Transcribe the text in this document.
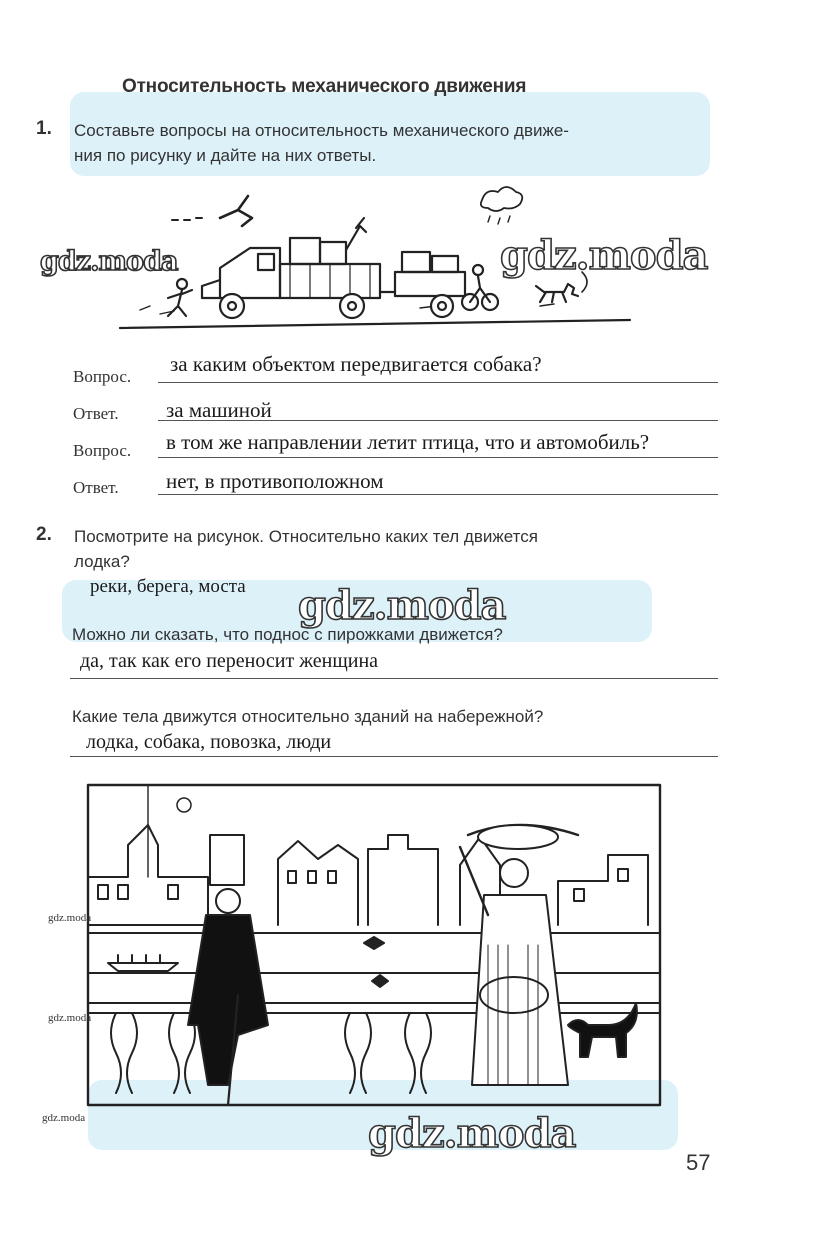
Относительность механического движения
1. Составьте вопросы на относительность механического движе-
ния по рисунку и дайте на них ответы.
gdz.moda	gdz.moda
Вопрос.
за каким объектом передвигается собака?
Ответ. за машиной
Вопрос. в том же направлении летит птица, что и автомобиль?
Ответ. нет, в противоположном
2. Посмотрите на рисунок. Относительно каких тел движется
лодка?
реки, берега, моста gdz.moda
Можно ли сказать, что поднос с пирожками движется?
да, так как его переносит женщина
Какие тела движутся относительно зданий на набережной?
лодка, собака, повозка, люди
gdz.moda
gdz.moda
gdz.moda	gdz.moda
57
